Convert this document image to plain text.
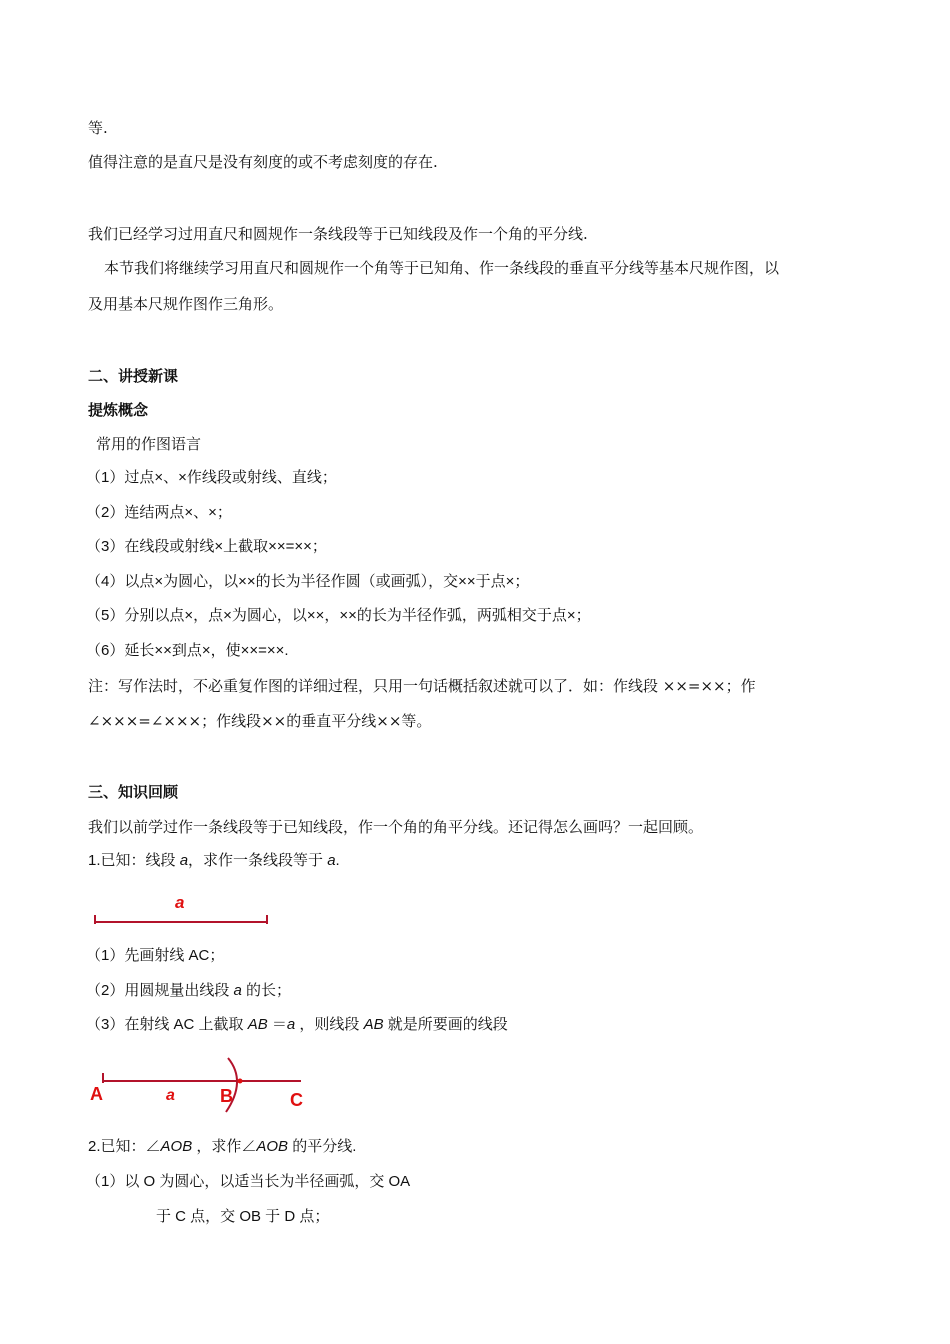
等.
值得注意的是直尺是没有刻度的或不考虑刻度的存在.
我们已经学习过用直尺和圆规作一条线段等于已知线段及作一个角的平分线.
本节我们将继续学习用直尺和圆规作一个角等于已知角、作一条线段的垂直平分线等基本尺规作图，以
及用基本尺规作图作三角形。
二、讲授新课
提炼概念
常用的作图语言
（1）过点×、×作线段或射线、直线；
（2）连结两点×、×；
（3）在线段或射线×上截取××=××；
（4）以点×为圆心，以××的长为半径作圆（或画弧），交××于点×；
（5）分别以点×，点×为圆心，以××，××的长为半径作弧，两弧相交于点×；
（6）延长××到点×，使××=××.
注：写作法时，不必重复作图的详细过程，只用一句话概括叙述就可以了．如：作线段 ××=××；作
∠×××=∠×××；作线段××的垂直平分线××等。
三、知识回顾
我们以前学过作一条线段等于已知线段，作一个角的角平分线。还记得怎么画吗？一起回顾。
1.已知：线段 a，求作一条线段等于 a.
a
A	a	B	C
（1）先画射线 AC；
（2）用圆规量出线段 a 的长；
（3）在射线 AC 上截取 AB ＝a ，则线段 AB 就是所要画的线段
2.已知：∠AOB ，求作∠AOB 的平分线.
（1）以 O 为圆心，以适当长为半径画弧，交 OA
于 C 点，交 OB 于 D 点；
